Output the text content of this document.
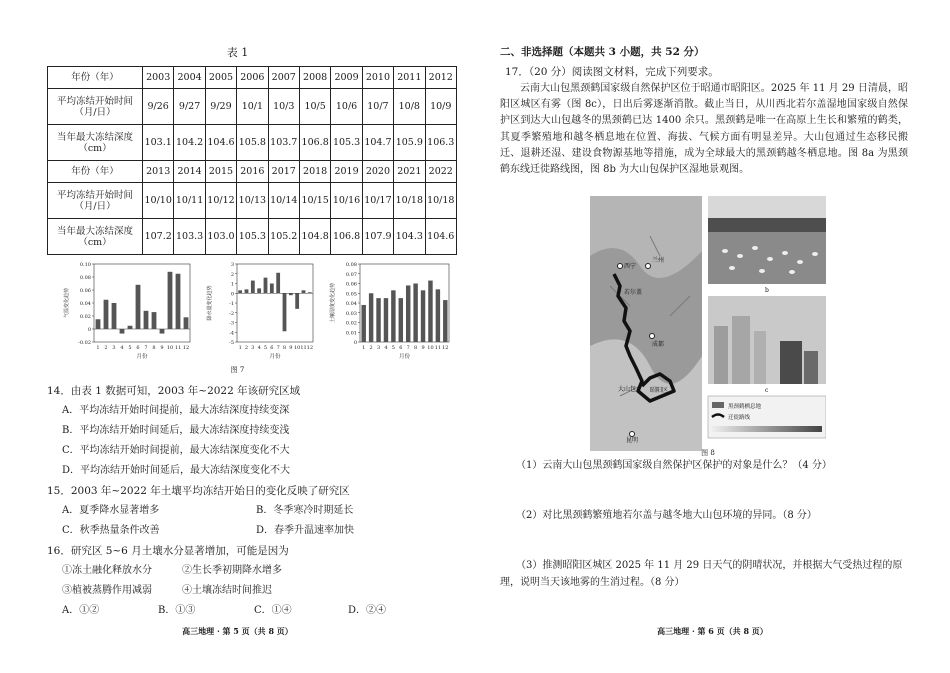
表 1
年份（年）	2003	2004	2005	2006	2007	2008	2009	2010	2011	2012

平均冻结开始时间
（月/日）	9/26	9/27	9/29	10/1	10/3	10/5	10/6	10/7	10/8	10/9

当年最大冻结深度
（cm）	103.1	104.2	104.6	105.8	103.7	106.8	105.3	104.7	105.9	106.3
年份（年）	2013	2014	2015	2016	2017	2018	2019	2020	2021	2022

平均冻结开始时间
（月/日）	10/10	10/11	10/12	10/13	10/14	10/15	10/16	10/17	10/18	10/18

当年最大冻结深度
（cm）	107.2	103.3	103.0	105.3	105.2	104.8	106.8	107.9	104.3	104.6
0.10
0.08
0.06
0.04
0.02
0
-0.02
1 2 3 4 5 6 7 8 9 10 11 12
月份
气温变化趋势
3
2
1
0
-1
-2
-3
-4
-5
1 2 3 4 5 6 7 8 9 10 11 12
月份
降水量变化趋势
0.08
0.07
0.06
0.05
0.04
0.03
0.02
0.01
0
1 2 3 4 5 6 7 8 9 10 11 12
月份
土壤湿度变化趋势
图 7
14．由表 1 数据可知，2003 年~2022 年该研究区域
A．平均冻结开始时间提前，最大冻结深度持续变深
B．平均冻结开始时间延后，最大冻结深度持续变浅
C．平均冻结开始时间提前，最大冻结深度变化不大
D．平均冻结开始时间延后，最大冻结深度变化不大
15．2003 年~2022 年土壤平均冻结开始日的变化反映了研究区
A．夏季降水显著增多	B．冬季寒冷时期延长
C．秋季热量条件改善	D．春季升温速率加快
16．研究区 5~6 月土壤水分显著增加，可能是因为
①冻土融化释放水分	②生长季初期降水增多
③植被蒸腾作用减弱	④土壤冻结时间推迟
A．①②	B．①③	C．①④	D．②④
高三地理 · 第 5 页（共 8 页）
二、非选择题（本题共 3 小题，共 52 分）
17．（20 分）阅读图文材料，完成下列要求。
云南大山包黑颈鹤国家级自然保护区位于昭通市昭阳区。2025 年 11 月 29 日清晨，昭阳区城区有雾（图 8c），日出后雾逐渐消散。截止当日，从川西北若尔盖湿地国家级自然保护区到达大山包越冬的黑颈鹤已达 1400 余只。黑颈鹤是唯一在高原上生长和繁殖的鹤类，其夏季繁殖地和越冬栖息地在位置、海拔、气候方面有明显差异。大山包通过生态移民搬迁、退耕还湿、建设食物源基地等措施，成为全球最大的黑颈鹤越冬栖息地。图 8a 为黑颈鹤东线迁徙路线图，图 8b 为大山包保护区湿地景观图。
西宁
兰州
若尔盖
成都
大山包 昭阳区
昆明
黑颈鹤栖息地
迁徙路线
b
c
图 8
（1）云南大山包黑颈鹤国家级自然保护区保护的对象是什么？（4 分）
（2）对比黑颈鹤繁殖地若尔盖与越冬地大山包环境的异同。（8 分）
（3）推测昭阳区城区 2025 年 11 月 29 日天气的阴晴状况，并根据大气受热过程的原
理，说明当天该地雾的生消过程。（8 分）
高三地理 · 第 6 页（共 8 页）
